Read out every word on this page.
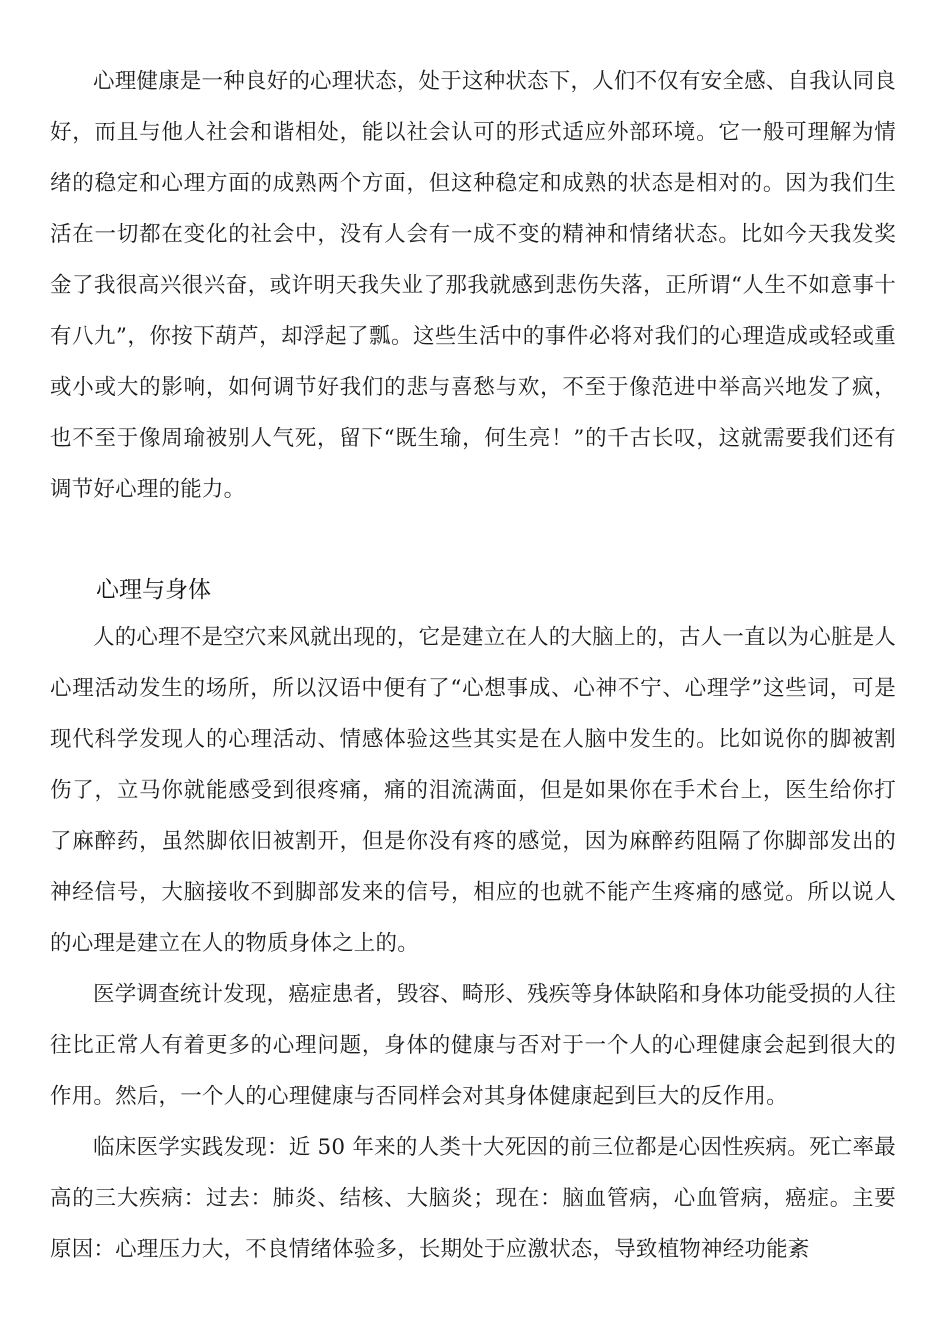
心理健康是一种良好的心理状态，处于这种状态下，人们不仅有安全感、自我认同良好，而且与他人社会和谐相处，能以社会认可的形式适应外部环境。它一般可理解为情绪的稳定和心理方面的成熟两个方面，但这种稳定和成熟的状态是相对的。因为我们生活在一切都在变化的社会中，没有人会有一成不变的精神和情绪状态。比如今天我发奖金了我很高兴很兴奋，或许明天我失业了那我就感到悲伤失落，正所谓“人生不如意事十有八九”，你按下葫芦，却浮起了瓢。这些生活中的事件必将对我们的心理造成或轻或重或小或大的影响，如何调节好我们的悲与喜愁与欢，不至于像范进中举高兴地发了疯，也不至于像周瑜被别人气死，留下“既生瑜，何生亮！”的千古长叹，这就需要我们还有调节好心理的能力。

心理与身体

人的心理不是空穴来风就出现的，它是建立在人的大脑上的，古人一直以为心脏是人心理活动发生的场所，所以汉语中便有了“心想事成、心神不宁、心理学”这些词，可是现代科学发现人的心理活动、情感体验这些其实是在人脑中发生的。比如说你的脚被割伤了，立马你就能感受到很疼痛，痛的泪流满面，但是如果你在手术台上，医生给你打了麻醉药，虽然脚依旧被割开，但是你没有疼的感觉，因为麻醉药阻隔了你脚部发出的神经信号，大脑接收不到脚部发来的信号，相应的也就不能产生疼痛的感觉。所以说人的心理是建立在人的物质身体之上的。

医学调查统计发现，癌症患者，毁容、畸形、残疾等身体缺陷和身体功能受损的人往往比正常人有着更多的心理问题，身体的健康与否对于一个人的心理健康会起到很大的作用。然后，一个人的心理健康与否同样会对其身体健康起到巨大的反作用。

临床医学实践发现：近 50 年来的人类十大死因的前三位都是心因性疾病。死亡率最高的三大疾病：过去：肺炎、结核、大脑炎；现在：脑血管病，心血管病，癌症。主要原因：心理压力大，不良情绪体验多，长期处于应激状态，导致植物神经功能紊
